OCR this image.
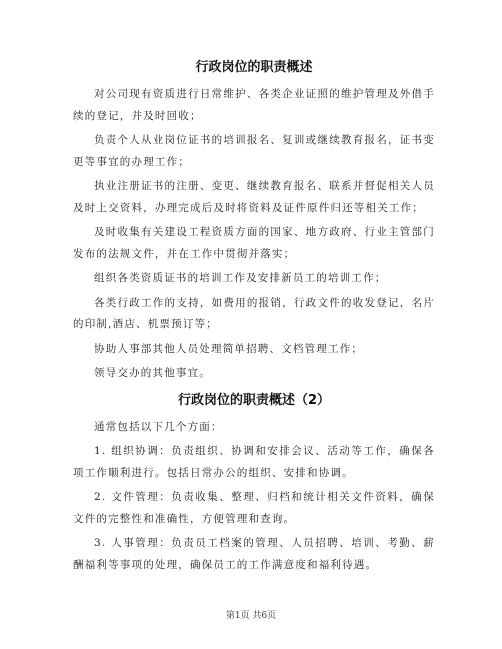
行政岗位的职责概述

对公司现有资质进行日常维护、各类企业证照的维护管理及外借手续的登记，并及时回收；

负责个人从业岗位证书的培训报名、复训或继续教育报名，证书变更等事宜的办理工作；

执业注册证书的注册、变更、继续教育报名、联系并督促相关人员及时上交资料，办理完成后及时将资料及证件原件归还等相关工作；

及时收集有关建设工程资质方面的国家、地方政府、行业主管部门发布的法规文件，并在工作中贯彻并落实；

组织各类资质证书的培训工作及安排新员工的培训工作；

各类行政工作的支持，如费用的报销，行政文件的收发登记，名片的印制,酒店、机票预订等；

协助人事部其他人员处理简单招聘、文档管理工作；

领导交办的其他事宜。

行政岗位的职责概述（2）

通常包括以下几个方面：

1. 组织协调：负责组织、协调和安排会议、活动等工作，确保各项工作顺利进行。包括日常办公的组织、安排和协调。

2. 文件管理：负责收集、整理、归档和统计相关文件资料，确保文件的完整性和准确性，方便管理和查询。

3. 人事管理：负责员工档案的管理、人员招聘、培训、考勤、薪酬福利等事项的处理，确保员工的工作满意度和福利待遇。

第1页 共6页
